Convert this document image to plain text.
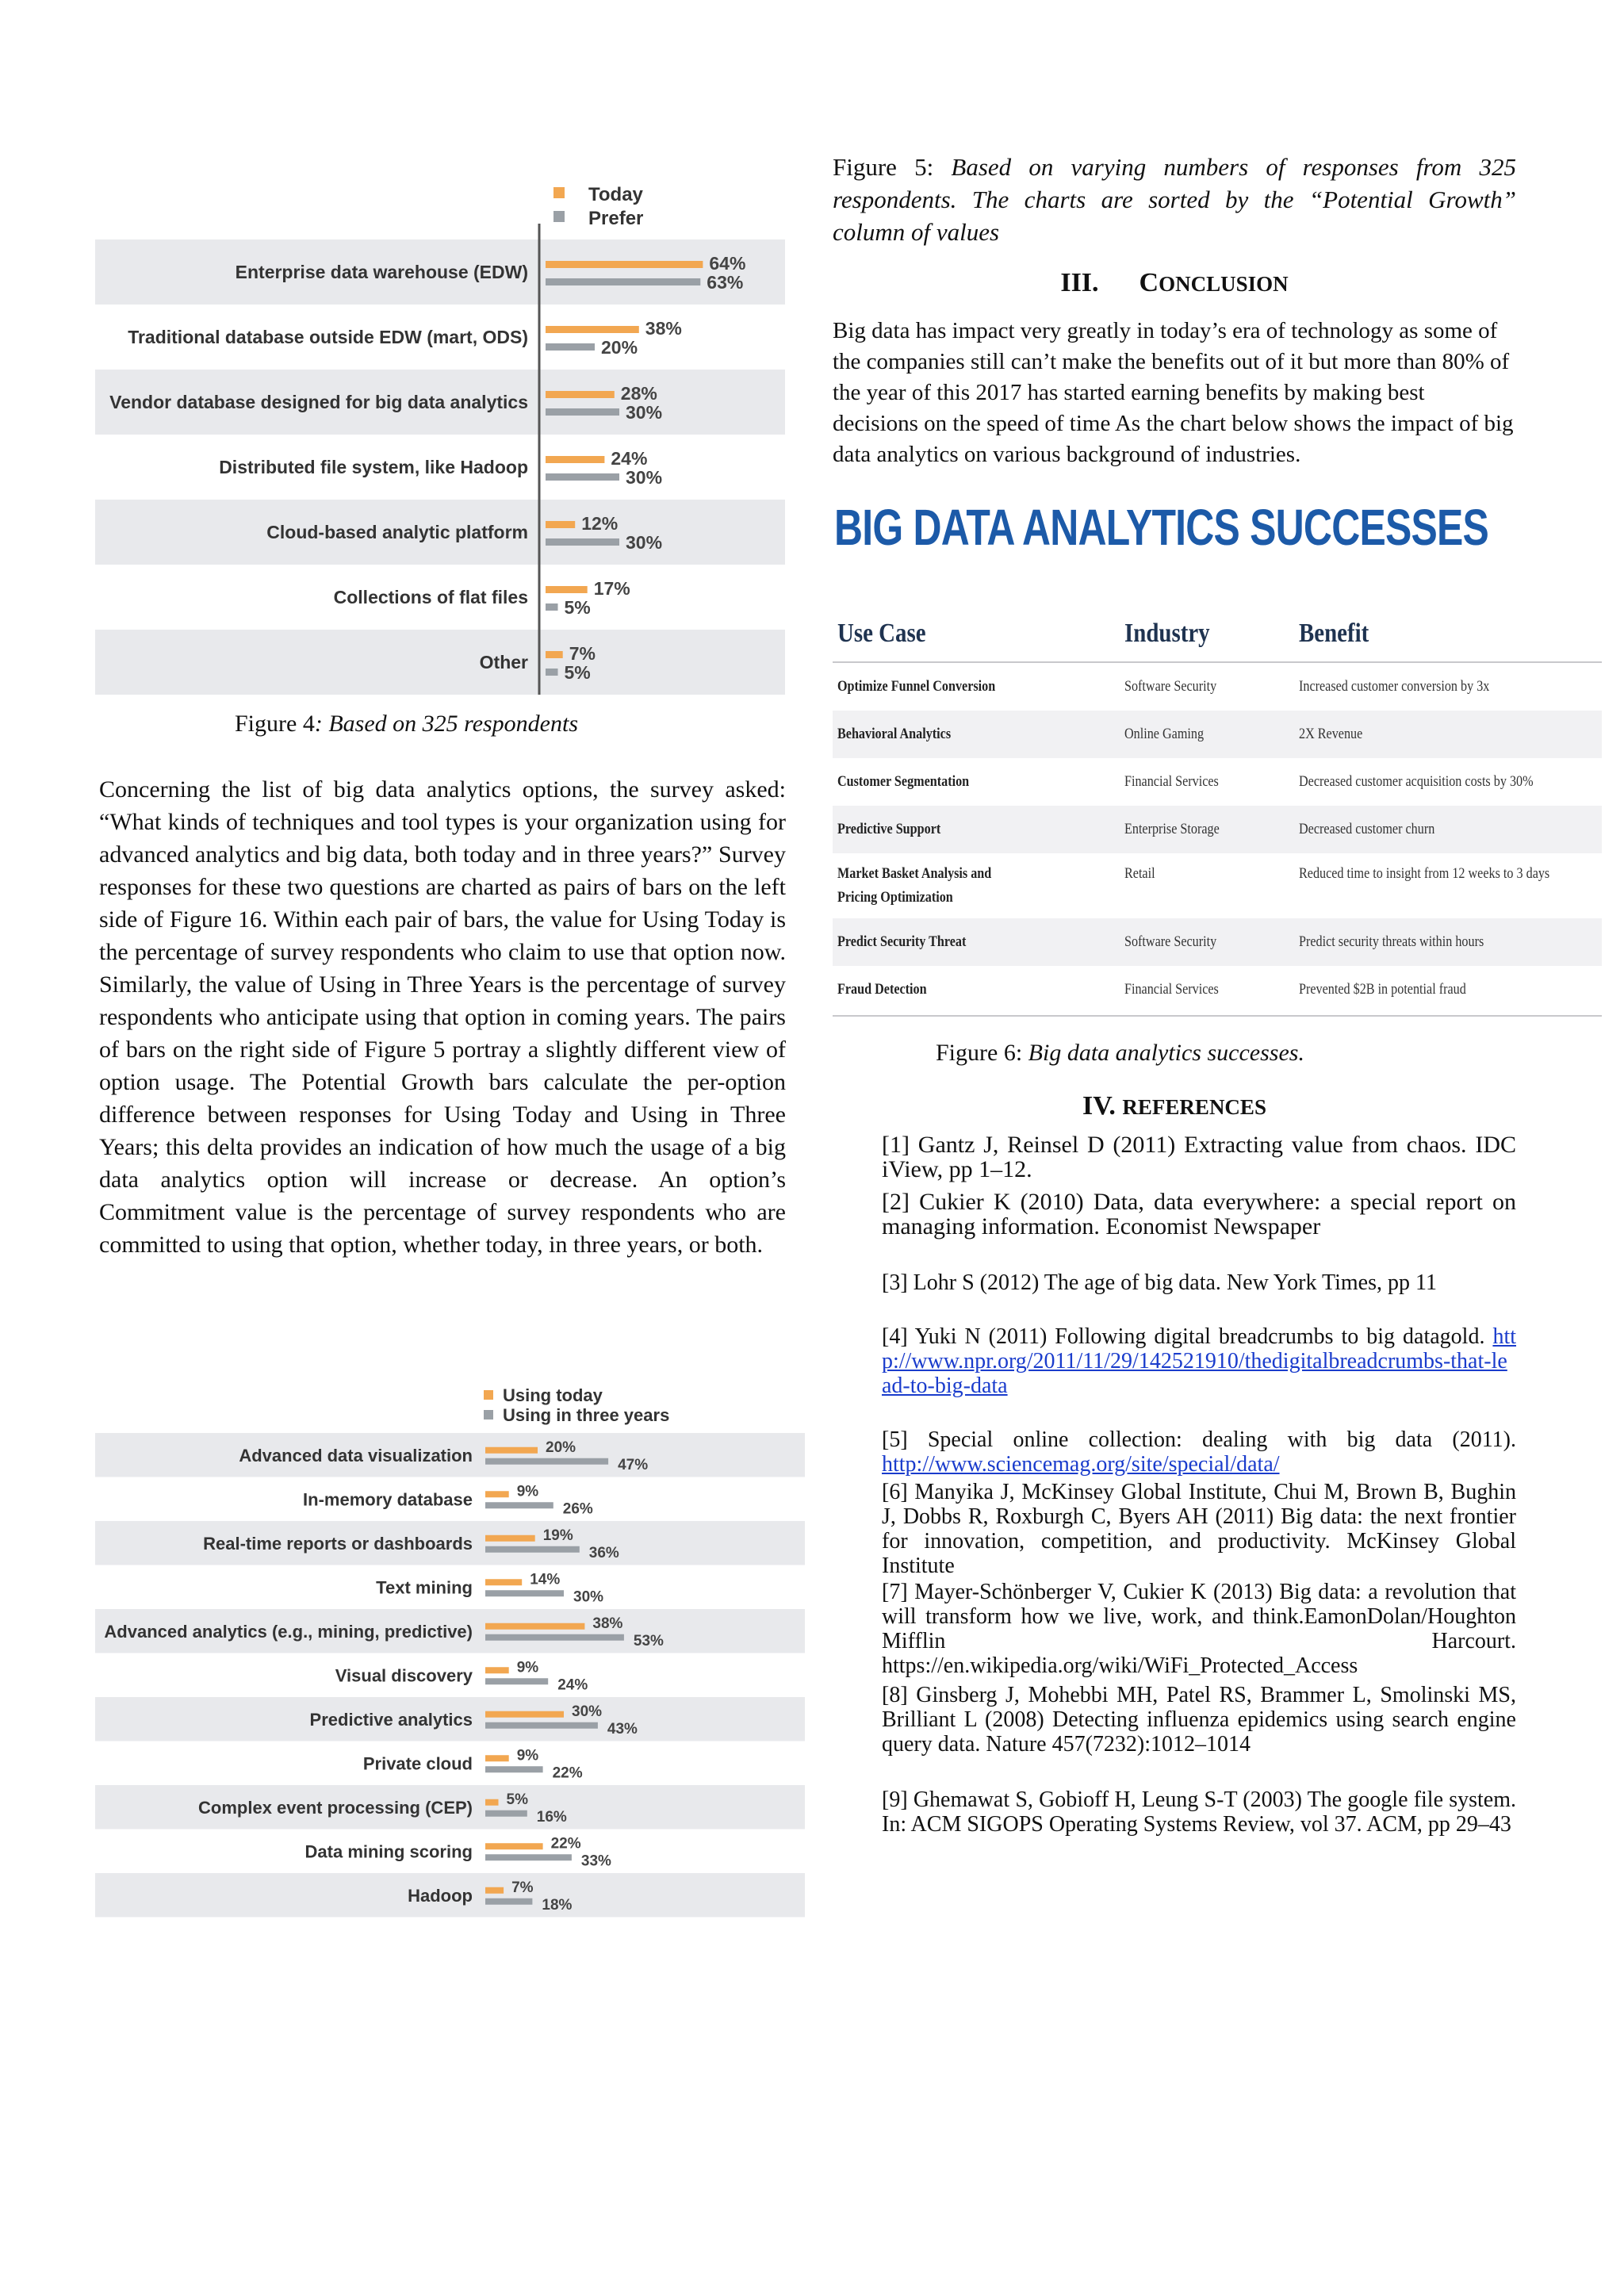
Today
Prefer
Enterprise data warehouse (EDW)	64%
63%
Traditional database outside EDW (mart, ODS)	38%
20%
Vendor database designed for big data analytics	28%
30%
Distributed file system, like Hadoop	24%
30%
Cloud-based analytic platform	12%
30%
Collections of flat files	17%
5%
Other 7%
5%
Figure 4: Based on 325 respondents
Concerning the list of big data analytics options, the survey asked: “What kinds of techniques and tool types is your organization using for advanced analytics and big data, both today and in three years?” Survey responses for these two questions are charted as pairs of bars on the left side of Figure 16. Within each pair of bars, the value for Using Today is the percentage of survey respondents who claim to use that option now. Similarly, the value of Using in Three Years is the percentage of survey respondents who anticipate using that option in coming years. The pairs of bars on the right side of Figure 5 portray a slightly different view of option usage. The Potential Growth bars calculate the per-option difference between responses for Using Today and Using in Three Years; this delta provides an indication of how much the usage of a big data analytics option will increase or decrease. An option’s Commitment value is the percentage of survey respondents who are committed to using that option, whether today, in three years, or both.
Using today
Using in three years
Advanced data visualization	20%
47%
In-memory database	9%
26%
Real-time reports or dashboards	19%
36%
Text mining	14%
30%
Advanced analytics (e.g., mining, predictive)	38%
53%
Visual discovery	9%
24%
Predictive analytics	30%
43%
Private cloud	9%
22%
Complex event processing (CEP) 5%
16%
Data mining scoring	22%
33%
Hadoop	7%
18%
Figure 5: Based on varying numbers of responses from 325 respondents. The charts are sorted by the “Potential Growth” column of values
III. CONCLUSION
Big data has impact very greatly in today’s era of technology as some of the companies still can’t make the benefits out of it but more than 80% of the year of this 2017 has started earning benefits by making best decisions on the speed of time As the chart below shows the impact of big data analytics on various background of industries.
BIG DATA ANALYTICS SUCCESSES
Use Case	Industry	Benefit
Optimize Funnel Conversion	Software Security	Increased customer conversion by 3x
Behavioral Analytics	Online Gaming	2X Revenue
Customer Segmentation	Financial Services	Decreased customer acquisition costs by 30%
Predictive Support	Enterprise Storage	Decreased customer churn
Market Basket Analysis and
Pricing Optimization
Retail	Reduced time to insight from 12 weeks to 3 days
Predict Security Threat	Software Security	Predict security threats within hours
Fraud Detection	Financial Services	Prevented $2B in potential fraud
Figure 6: Big data analytics successes.
IV. REFERENCES
[1] Gantz J, Reinsel D (2011) Extracting value from chaos. IDC iView, pp 1–12.
[2] Cukier K (2010) Data, data everywhere: a special report on managing information. Economist Newspaper
[3] Lohr S (2012) The age of big data. New York Times, pp 11
[4] Yuki N (2011) Following digital breadcrumbs to big datagold. http://www.npr.org/2011/11/29/142521910/thedigitalbreadcrumbs-that-lead-to-big-data
[5] Special online collection: dealing with big data (2011). http://www.sciencemag.org/site/special/data/
[6] Manyika J, McKinsey Global Institute, Chui M, Brown B, Bughin J, Dobbs R, Roxburgh C, Byers AH (2011) Big data: the next frontier for innovation, competition, and productivity. McKinsey Global Institute
[7] Mayer-Schönberger V, Cukier K (2013) Big data: a revolution that will transform how we live, work, and think.EamonDolan/Houghton Mifflin Harcourt. https://en.wikipedia.org/wiki/WiFi_Protected_Access
[8] Ginsberg J, Mohebbi MH, Patel RS, Brammer L, Smolinski MS, Brilliant L (2008) Detecting influenza epidemics using search engine query data. Nature 457(7232):1012–1014
[9] Ghemawat S, Gobioff H, Leung S-T (2003) The google file system. In: ACM SIGOPS Operating Systems Review, vol 37. ACM, pp 29–43
